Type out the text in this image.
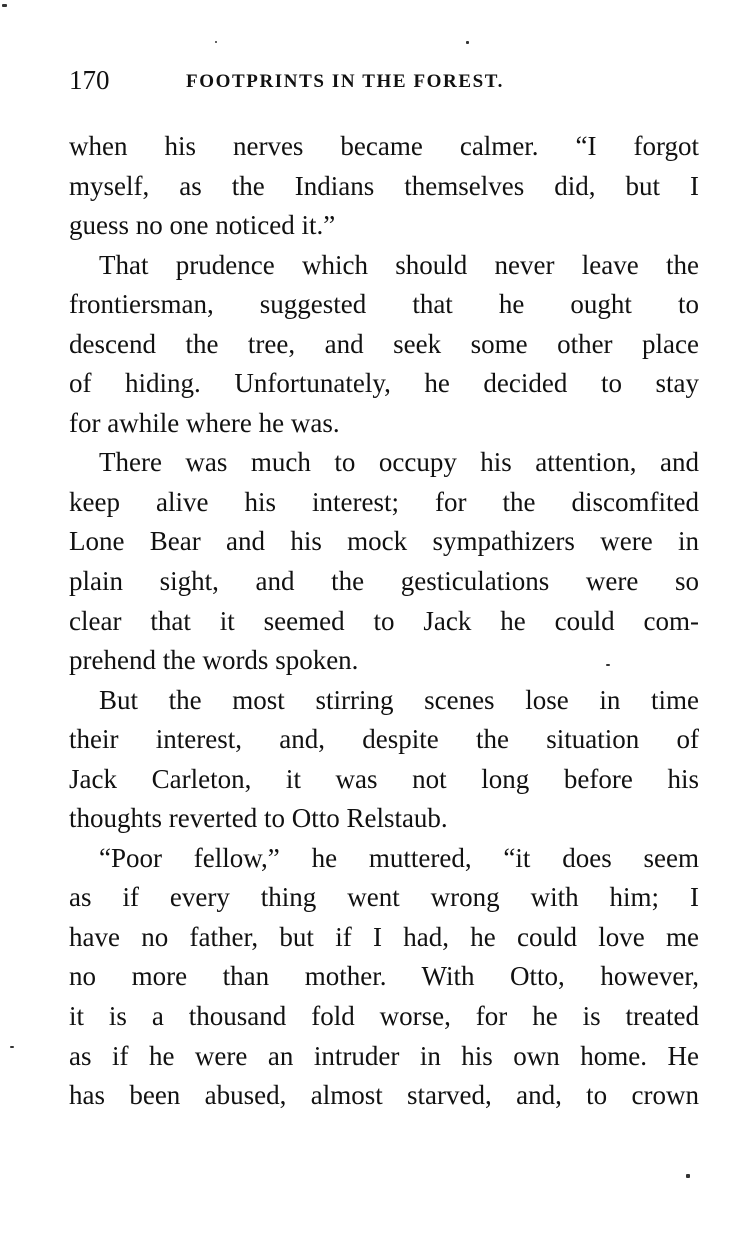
170	FOOTPRINTS IN THE FOREST.
when his nerves became calmer. “I forgot
myself, as the Indians themselves did, but I
guess no one noticed it.”
That prudence which should never leave the
frontiersman, suggested that he ought to
descend the tree, and seek some other place
of hiding. Unfortunately, he decided to stay
for awhile where he was.
There was much to occupy his attention, and
keep alive his interest; for the discomfited
Lone Bear and his mock sympathizers were in
plain sight, and the gesticulations were so
clear that it seemed to Jack he could com-
prehend the words spoken.
But the most stirring scenes lose in time
their interest, and, despite the situation of
Jack Carleton, it was not long before his
thoughts reverted to Otto Relstaub.
“Poor fellow,” he muttered, “it does seem
as if every thing went wrong with him; I
have no father, but if I had, he could love me
no more than mother. With Otto, however,
it is a thousand fold worse, for he is treated
as if he were an intruder in his own home. He
has been abused, almost starved, and, to crown
